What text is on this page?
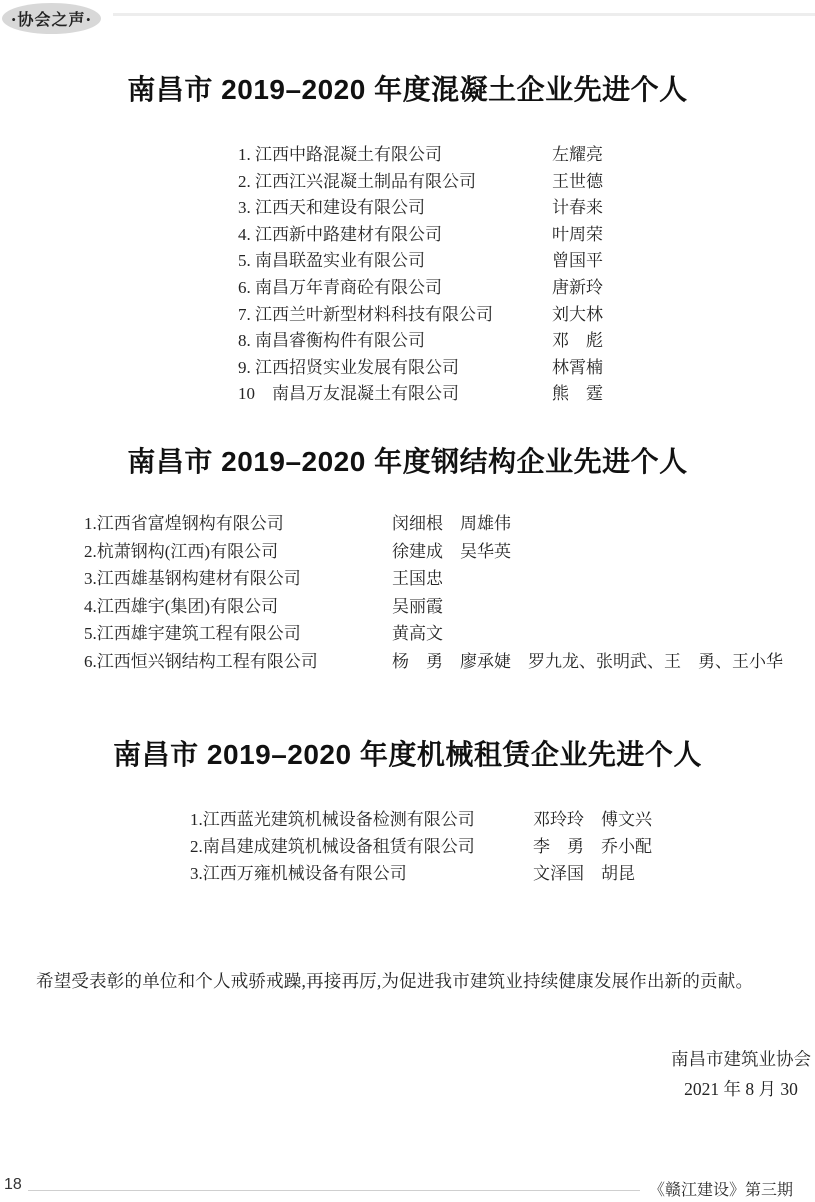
·协会之声·
南昌市 2019–2020 年度混凝土企业先进个人
1. 江西中路混凝土有限公司	左耀亮
2. 江西江兴混凝土制品有限公司	王世德
3. 江西天和建设有限公司	计春来
4. 江西新中路建材有限公司	叶周荣
5. 南昌联盈实业有限公司	曾国平
6. 南昌万年青商砼有限公司	唐新玲
7. 江西兰叶新型材料科技有限公司	刘大林
8. 南昌睿衡构件有限公司	邓　彪
9. 江西招贤实业发展有限公司	林霄楠
10　南昌万友混凝土有限公司	熊　霆
南昌市 2019–2020 年度钢结构企业先进个人
1.江西省富煌钢构有限公司	闵细根　周雄伟
2.杭萧钢构(江西)有限公司	徐建成　吴华英
3.江西雄基钢构建材有限公司	王国忠
4.江西雄宇(集团)有限公司	吴丽霞
5.江西雄宇建筑工程有限公司	黄高文
6.江西恒兴钢结构工程有限公司	杨　勇　廖承婕　罗九龙、张明武、王　勇、王小华
南昌市 2019–2020 年度机械租赁企业先进个人
1.江西蓝光建筑机械设备检测有限公司	邓玲玲　傅文兴
2.南昌建成建筑机械设备租赁有限公司	李　勇　乔小配
3.江西万雍机械设备有限公司	文泽国　胡昆

希望受表彰的单位和个人戒骄戒躁,再接再厉,为促进我市建筑业持续健康发展作出新的贡献。

南昌市建筑业协会
2021 年 8 月 30
18	《赣江建设》第三期
